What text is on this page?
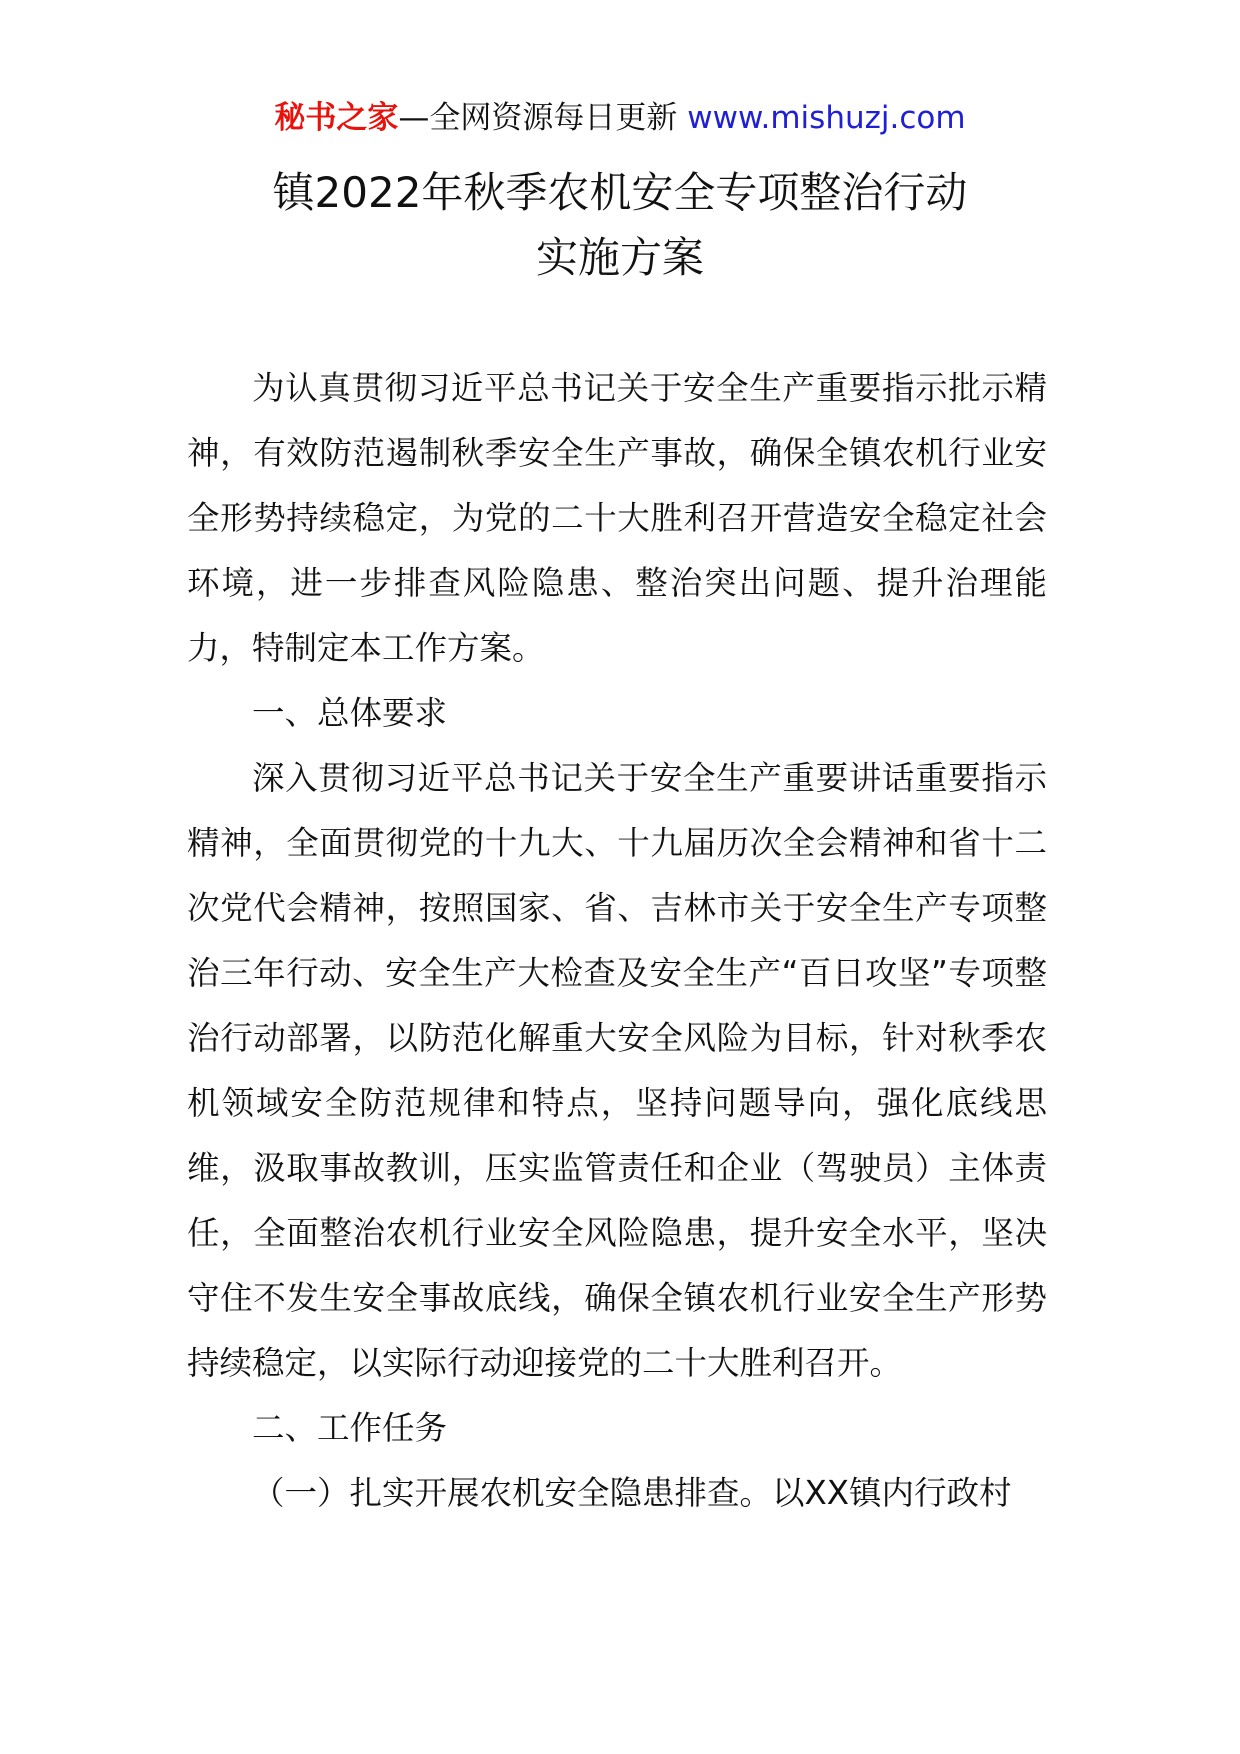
秘书之家—全网资源每日更新 www.mishuzj.com
镇2022年秋季农机安全专项整治行动
实施方案

为认真贯彻习近平总书记关于安全生产重要指示批示精神，有效防范遏制秋季安全生产事故，确保全镇农机行业安全形势持续稳定，为党的二十大胜利召开营造安全稳定社会环境，进一步排查风险隐患、整治突出问题、提升治理能力，特制定本工作方案。

一、总体要求

深入贯彻习近平总书记关于安全生产重要讲话重要指示精神，全面贯彻党的十九大、十九届历次全会精神和省十二次党代会精神，按照国家、省、吉林市关于安全生产专项整治三年行动、安全生产大检查及安全生产“百日攻坚”专项整治行动部署，以防范化解重大安全风险为目标，针对秋季农机领域安全防范规律和特点，坚持问题导向，强化底线思维，汲取事故教训，压实监管责任和企业（驾驶员）主体责任，全面整治农机行业安全风险隐患，提升安全水平，坚决守住不发生安全事故底线，确保全镇农机行业安全生产形势持续稳定，以实际行动迎接党的二十大胜利召开。

二、工作任务

（一）扎实开展农机安全隐患排查。以XX镇内行政村
